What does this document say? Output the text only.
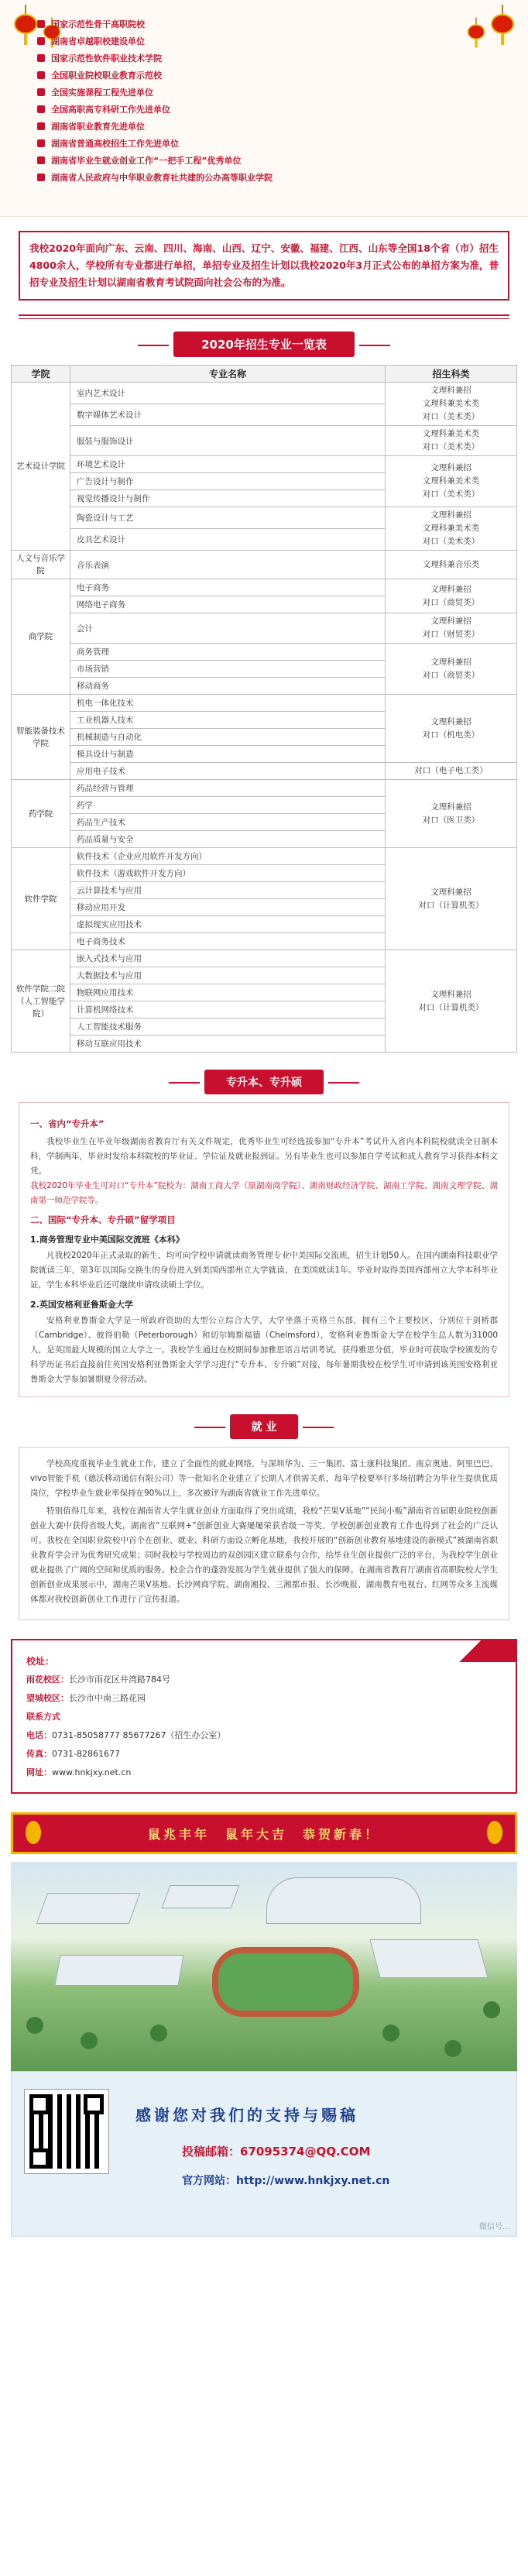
国家示范性骨干高职院校
湖南省卓越职校建设单位
国家示范性软件职业技术学院
全国职业院校职业教育示范校
全国实施课程工程先进单位
全国高职高专科研工作先进单位
湖南省职业教育先进单位
湖南省普通高校招生工作先进单位
湖南省毕业生就业创业工作“一把手工程”优秀单位
湖南省人民政府与中华职业教育社共建的公办高等职业学院
我校2020年面向广东、云南、四川、海南、山西、辽宁、安徽、福建、江西、山东等全国18个省（市）招生4800余人，学校所有专业都进行单招，单招专业及招生计划以我校2020年3月正式公布的单招方案为准，普招专业及招生计划以湖南省教育考试院面向社会公布的为准。
2020年招生专业一览表
学院	专业名称	招生科类
艺术设计学院	室内艺术设计	文理科兼招
文理科兼美术类
对口（美术类）
	数字媒体艺术设计	
	服装与服饰设计	文理科兼美术类
对口（美术类）
	环境艺术设计	文理科兼招
文理科兼美术类
对口（美术类）
	广告设计与制作	
	视觉传播设计与制作	
	陶瓷设计与工艺	文理科兼招
文理科兼美术类
对口（美术类）
	皮具艺术设计	
人文与音乐学院	音乐表演	文理科兼音乐类
商学院	电子商务	文理科兼招
对口（商贸类）
	网络电子商务	
	会计	文理科兼招
对口（财贸类）
	商务管理	文理科兼招
对口（商贸类）
	市场营销	
	移动商务	
智能装备技术学院	机电一体化技术	文理科兼招
对口（机电类）
	工业机器人技术	
	机械制造与自动化	
	模具设计与制造	
	应用电子技术	对口（电子电工类）
药学院	药品经营与管理	文理科兼招
对口（医卫类）
	药学	
	药品生产技术	
	药品质量与安全	
软件学院	软件技术（企业应用软件开发方向）	文理科兼招
对口（计算机类）
	软件技术（游戏软件开发方向）	
	云计算技术与应用	
	移动应用开发	
	虚拟现实应用技术	
	电子商务技术	
软件学院二院（人工智能学院）	嵌入式技术与应用	文理科兼招
对口（计算机类）
	大数据技术与应用	
	物联网应用技术	
	计算机网络技术	
	人工智能技术服务	
	移动互联应用技术	
专升本、专升硕
一、省内“专升本”

我校毕业生在毕业年级湖南省教育厅有关文件规定，优秀毕业生可经选拔参加“专升本”考试升入省内本科院校就读全日制本科，学制两年，毕业时发给本科院校的毕业证、学位证及就业报到证。另有毕业生也可以参加自学考试和成人教育学习获得本科文凭。

我校2020年毕业生可对口“专升本”院校为：湖南工商大学（原湖南商学院）、湖南财政经济学院、湖南工学院、湖南文理学院、湖南第一师范学院等。

二、国际“专升本、专升硕”留学项目
1.商务管理专业中美国际交流班《本科》

凡我校2020年正式录取的新生，均可向学校申请就读商务管理专业中美国际交流班，招生计划50人。在国内湖南科技职业学院就读三年，第3年以国际交换生的身份进入到美国西部州立大学就读，在美国就读1年。毕业时取得美国西部州立大学本科毕业证，学生本科毕业后还可继续申请攻读硕士学位。

2.英国安格利亚鲁斯金大学

安格利亚鲁斯金大学是一所政府资助的大型公立综合大学，大学坐落于英格兰东部，拥有三个主要校区，分别位于剑桥郡（Cambridge）、彼得伯勒（Peterborough）和切尔姆斯福德（Chelmsford），安格利亚鲁斯金大学在校学生总人数为31000人，是英国最大规模的国立大学之一。我校学生通过在校期间参加雅思语言培训考试，获得雅思分值，毕业时可获取学校颁发的专科学历证书后直接前往英国安格利亚鲁斯金大学学习进行“专升本、专升硕”对接，每年暑期我校在校学生可申请到该英国安格利亚鲁斯金大学参加暑期夏令营活动。

就 业

学校高度重视毕业生就业工作，建立了全面性的就业网络，与深圳华为、三一集团、富士康科技集团、南京奥迪、阿里巴巴、vivo智能手机（德沃移动通信有限公司）等一批知名企业建立了长期人才供需关系，每年学校要举行多场招聘会为毕业生提供优质岗位，学校毕业生就业率保持在90%以上，多次被评为湖南省就业工作先进单位。

特别值得几年来，我校在湖南省大学生就业创业方面取得了突出成绩，我校“芒果V基地”“民间小贩”湖南省首届职业院校创新创业大赛中获得省级大奖，湖南省“互联网+”创新创业大赛屡屡荣获省级一等奖，学校创新创业教育工作也得到了社会的广泛认可。我校在全国职业院校中首个在创业、就业、科研方面设立孵化基地，我校开展的“创新创业教育基地建设的新模式”被湖南省职业教育学会评为优秀研究成果；同时我校与学校周边的双创园区建立联系与合作，给毕业生创业提供广泛的平台，为我校学生创业就业提供了广阔的空间和优质的服务。校企合作的蓬勃发展为学生就业提供了强大的保障。在湖南省教育厅湖南省高职院校大学生创新创业成果展示中，湖南芒果V基地、长沙网商学院、湖南湘投、三湘都市报、长沙晚报、湖南教育电视台、红网等众多主流媒体都对我校创新创业工作进行了宣传报道。

校址：
雨花校区： 长沙市雨花区井湾路784号
望城校区： 长沙市中南三路花园
联系方式
电话： 0731-85058777 85677267（招生办公室）
传真： 0731-82861677
网址： www.hnkjxy.net.cn
鼠兆丰年　鼠年大吉　恭贺新春！
感谢您对我们的支持与赐稿
投稿邮箱：67095374@QQ.COM
官方网站：http://www.hnkjxy.net.cn
微信号…
